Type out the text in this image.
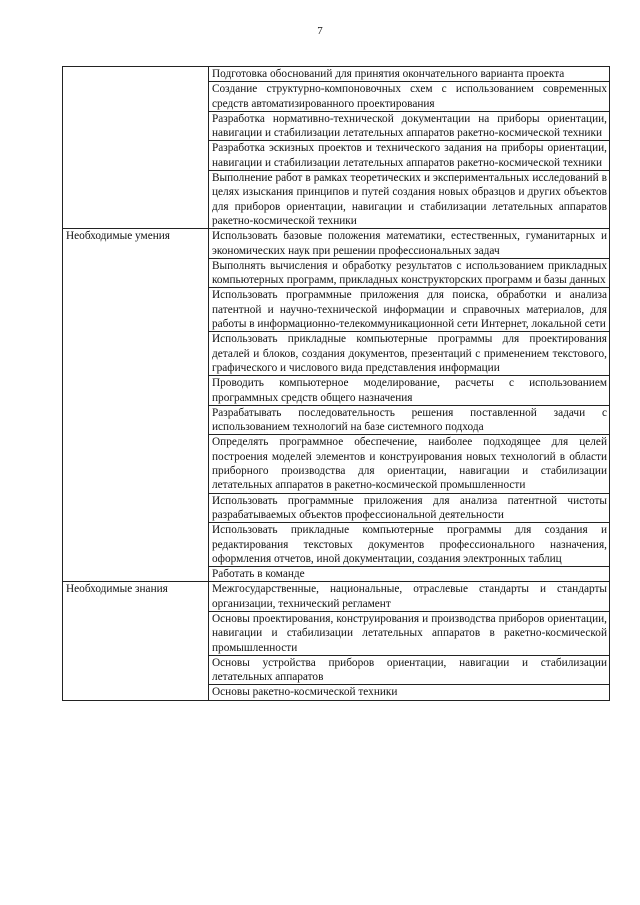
7
	Подготовка обоснований для принятия окончательного варианта проекта
	Создание структурно-компоновочных схем с использованием современных средств автоматизированного проектирования
	Разработка нормативно-технической документации на приборы ориентации, навигации и стабилизации летательных аппаратов ракетно-космической техники
	Разработка эскизных проектов и технического задания на приборы ориентации, навигации и стабилизации летательных аппаратов ракетно-космической техники
	Выполнение работ в рамках теоретических и экспериментальных исследований в целях изыскания принципов и путей создания новых образцов и других объектов для приборов ориентации, навигации и стабилизации летательных аппаратов ракетно-космической техники
Необходимые умения	Использовать базовые положения математики, естественных, гуманитарных и экономических наук при решении профессиональных задач
	Выполнять вычисления и обработку результатов с использованием прикладных компьютерных программ, прикладных конструкторских программ и базы данных
	Использовать программные приложения для поиска, обработки и анализа патентной и научно-технической информации и справочных материалов, для работы в информационно-телекоммуникационной сети Интернет, локальной сети
	Использовать прикладные компьютерные программы для проектирования деталей и блоков, создания документов, презентаций с применением текстового, графического и числового вида представления информации
	Проводить компьютерное моделирование, расчеты с использованием программных средств общего назначения
	Разрабатывать последовательность решения поставленной задачи с использованием технологий на базе системного подхода
	Определять программное обеспечение, наиболее подходящее для целей построения моделей элементов и конструирования новых технологий в области приборного производства для ориентации, навигации и стабилизации летательных аппаратов в ракетно-космической промышленности
	Использовать программные приложения для анализа патентной чистоты разрабатываемых объектов профессиональной деятельности
	Использовать прикладные компьютерные программы для создания и редактирования текстовых документов профессионального назначения, оформления отчетов, иной документации, создания электронных таблиц
	Работать в команде
Необходимые знания	Межгосударственные, национальные, отраслевые стандарты и стандарты организации, технический регламент
	Основы проектирования, конструирования и производства приборов ориентации, навигации и стабилизации летательных аппаратов в ракетно-космической промышленности
	Основы устройства приборов ориентации, навигации и стабилизации летательных аппаратов
	Основы ракетно-космической техники
